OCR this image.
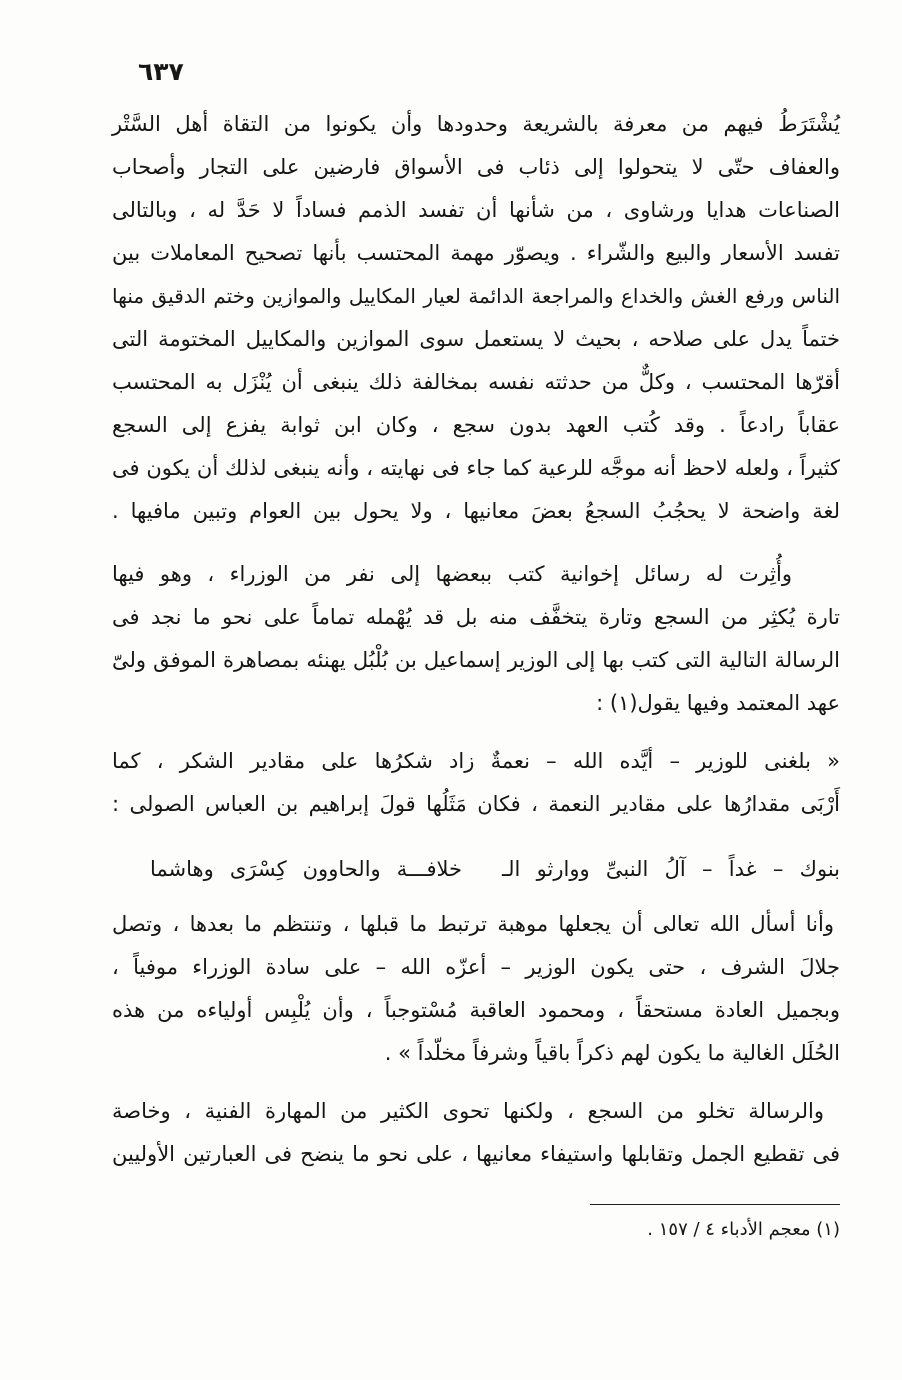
٦٣٧
يُشْتَرَطُ فيهم من معرفة بالشريعة وحدودها وأن يكونوا من التقاة أهل السَّتْر
والعفاف حتّى لا يتحولوا إلى ذئاب فى الأسواق فارضين على التجار وأصحاب
الصناعات هدايا ورشاوى ، من شأنها أن تفسد الذمم فساداً لا حَدَّ له ، وبالتالى
تفسد الأسعار والبيع والشّراء . ويصوّر مهمة المحتسب بأنها تصحيح المعاملات بين
الناس ورفع الغش والخداع والمراجعة الدائمة لعيار المكاييل والموازين وختم الدقيق منها
ختماً يدل على صلاحه ، بحيث لا يستعمل سوى الموازين والمكاييل المختومة التى
أقرّها المحتسب ، وكلٌّ من حدثته نفسه بمخالفة ذلك ينبغى أن يُنْزَل به المحتسب
عقاباً رادعاً . وقد كُتب العهد بدون سجع ، وكان ابن ثوابة يفزع إلى السجع
كثيراً ، ولعله لاحظ أنه موجَّه للرعية كما جاء فى نهايته ، وأنه ينبغى لذلك أن يكون فى
لغة واضحة لا يحجُبُ السجعُ بعضَ معانيها ، ولا يحول بين العوام وتبين مافيها .
وأُثِرت له رسائل إخوانية كتب ببعضها إلى نفر من الوزراء ، وهو فيها
تارة يُكثِر من السجع وتارة يتخفَّف منه بل قد يُهْمله تماماً على نحو ما نجد فى
الرسالة التالية التى كتب بها إلى الوزير إسماعيل بن بُلْبُل يهنئه بمصاهرة الموفق ولىّ
عهد المعتمد وفيها يقول(١) :
« بلغنى للوزير – أيَّده الله – نعمةٌ زاد شكرُها على مقادير الشكر ، كما
أَرْبَى مقدارُها على مقادير النعمة ، فكان مَثَلُها قولَ إبراهيم بن العباس الصولى :
بنوك – غداً – آلُ النبىِّ ووارثو الـ
خلافـــة والحاوون كِسْرَى وهاشما
وأنا أسأل الله تعالى أن يجعلها موهبة ترتبط ما قبلها ، وتنتظم ما بعدها ، وتصل
جلالَ الشرف ، حتى يكون الوزير – أعزّه الله – على سادة الوزراء موفياً ،
وبجميل العادة مستحقاً ، ومحمود العاقبة مُسْتوجباً ، وأن يُلْبِس أولياءه من هذه
الحُلَل الغالية ما يكون لهم ذكراً باقياً وشرفاً مخلّداً » .
والرسالة تخلو من السجع ، ولكنها تحوى الكثير من المهارة الفنية ، وخاصة
فى تقطيع الجمل وتقابلها واستيفاء معانيها ، على نحو ما ينضح فى العبارتين الأوليين
(١) معجم الأدباء ٤ / ١٥٧ .
